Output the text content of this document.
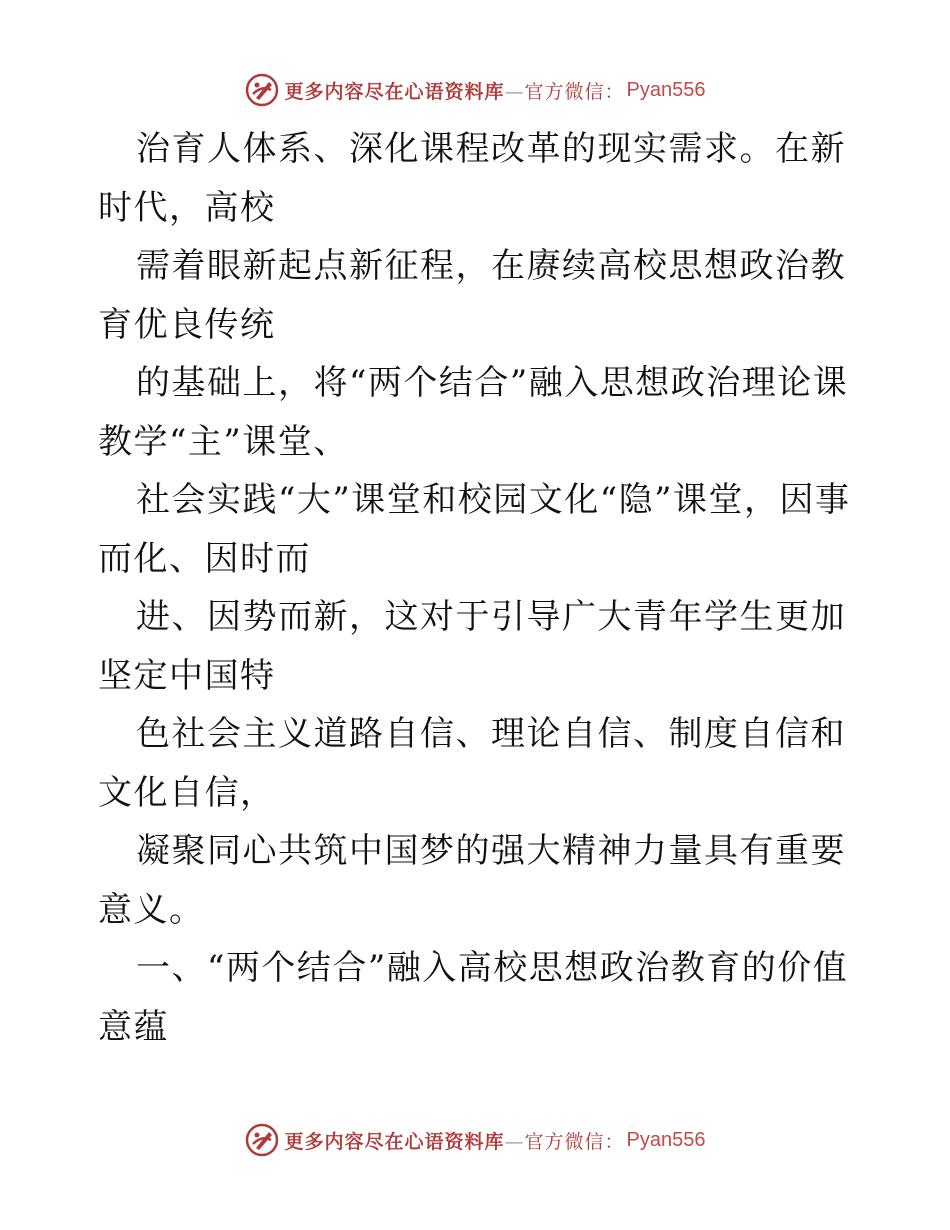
更多内容尽在心语资料库—官方微信： Pyan556

治育人体系、深化课程改革的现实需求。在新时代，高校

需着眼新起点新征程，在赓续高校思想政治教育优良传统

的基础上，将“两个结合”融入思想政治理论课教学“主”课堂、

社会实践“大”课堂和校园文化“隐”课堂，因事而化、因时而

进、因势而新，这对于引导广大青年学生更加坚定中国特

色社会主义道路自信、理论自信、制度自信和文化自信，

凝聚同心共筑中国梦的强大精神力量具有重要意义。

一、“两个结合”融入高校思想政治教育的价值意蕴

更多内容尽在心语资料库—官方微信： Pyan556
